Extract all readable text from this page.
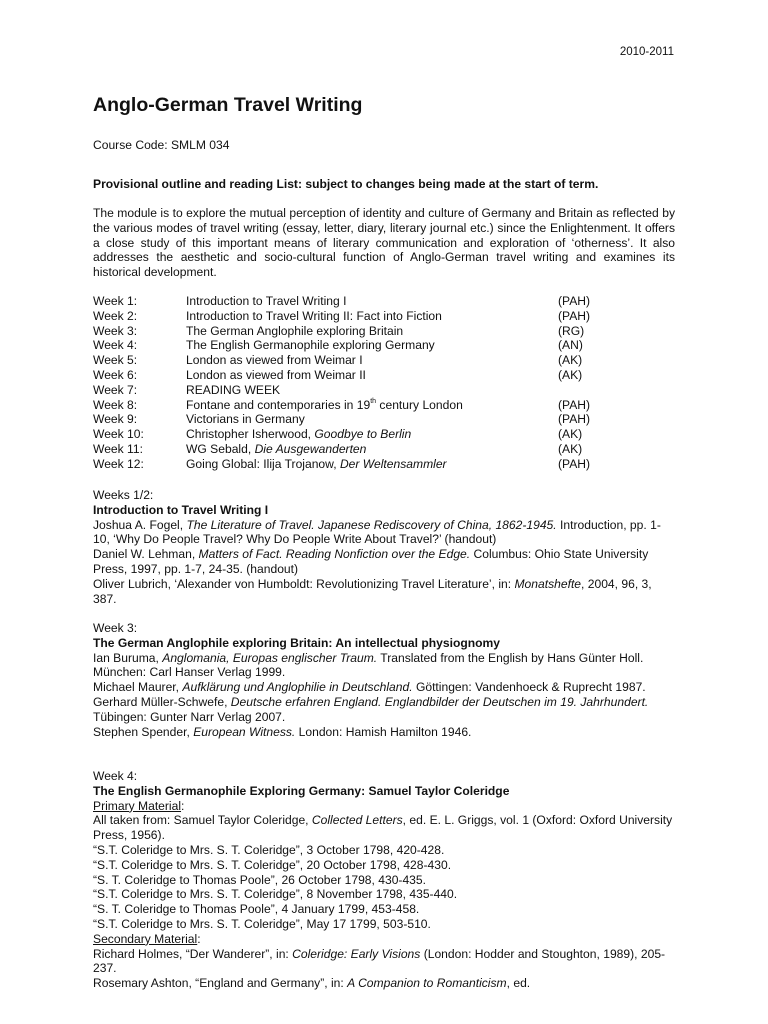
2010-2011
Anglo-German Travel Writing
Course Code: SMLM 034
Provisional outline and reading List: subject to changes being made at the start of term.
The module is to explore the mutual perception of identity and culture of Germany and Britain as reflected by the various modes of travel writing (essay, letter, diary, literary journal etc.) since the Enlightenment. It offers a close study of this important means of literary communication and exploration of ‘otherness’. It also addresses the aesthetic and socio-cultural function of Anglo-German travel writing and examines its historical development.
Week 1:	Introduction to Travel Writing I	(PAH)
Week 2:	Introduction to Travel Writing II: Fact into Fiction	(PAH)
Week 3:	The German Anglophile exploring Britain	(RG)
Week 4:	The English Germanophile exploring Germany	(AN)
Week 5:	London as viewed from Weimar I	(AK)
Week 6:	London as viewed from Weimar II	(AK)
Week 7:	READING WEEK
Week 8:	Fontane and contemporaries in 19th century London	(PAH)
Week 9:	Victorians in Germany	(PAH)
Week 10:	Christopher Isherwood, Goodbye to Berlin	(AK)
Week 11:	WG Sebald, Die Ausgewanderten	(AK)
Week 12:	Going Global: Ilija Trojanow, Der Weltensammler	(PAH)

Weeks 1/2:

Introduction to Travel Writing I

Joshua A. Fogel, The Literature of Travel. Japanese Rediscovery of China, 1862-1945. Introduction, pp. 1-10, ‘Why Do People Travel? Why Do People Write About Travel?’ (handout)

Daniel W. Lehman, Matters of Fact. Reading Nonfiction over the Edge. Columbus: Ohio State University Press, 1997, pp. 1-7, 24-35. (handout)

Oliver Lubrich, ‘Alexander von Humboldt: Revolutionizing Travel Literature’, in: Monatshefte, 2004, 96, 3, 387.

Week 3:

The German Anglophile exploring Britain: An intellectual physiognomy

Ian Buruma, Anglomania, Europas englischer Traum. Translated from the English by Hans Günter Holl. München: Carl Hanser Verlag 1999.

Michael Maurer, Aufklärung und Anglophilie in Deutschland. Göttingen: Vandenhoeck & Ruprecht 1987.

Gerhard Müller-Schwefe, Deutsche erfahren England. Englandbilder der Deutschen im 19. Jahrhundert. Tübingen: Gunter Narr Verlag 2007.

Stephen Spender, European Witness. London: Hamish Hamilton 1946.

Week 4:

The English Germanophile Exploring Germany: Samuel Taylor Coleridge

Primary Material:

All taken from: Samuel Taylor Coleridge, Collected Letters, ed. E. L. Griggs, vol. 1 (Oxford: Oxford University Press, 1956).

“S.T. Coleridge to Mrs. S. T. Coleridge”, 3 October 1798, 420-428.

“S.T. Coleridge to Mrs. S. T. Coleridge”, 20 October 1798, 428-430.

“S. T. Coleridge to Thomas Poole”, 26 October 1798, 430-435.

“S.T. Coleridge to Mrs. S. T. Coleridge”, 8 November 1798, 435-440.

“S. T. Coleridge to Thomas Poole”, 4 January 1799, 453-458.

“S.T. Coleridge to Mrs. S. T. Coleridge”, May 17 1799, 503-510.

Secondary Material:

Richard Holmes, “Der Wanderer”, in: Coleridge: Early Visions (London: Hodder and Stoughton, 1989), 205-237.

Rosemary Ashton, “England and Germany”, in: A Companion to Romanticism, ed.
